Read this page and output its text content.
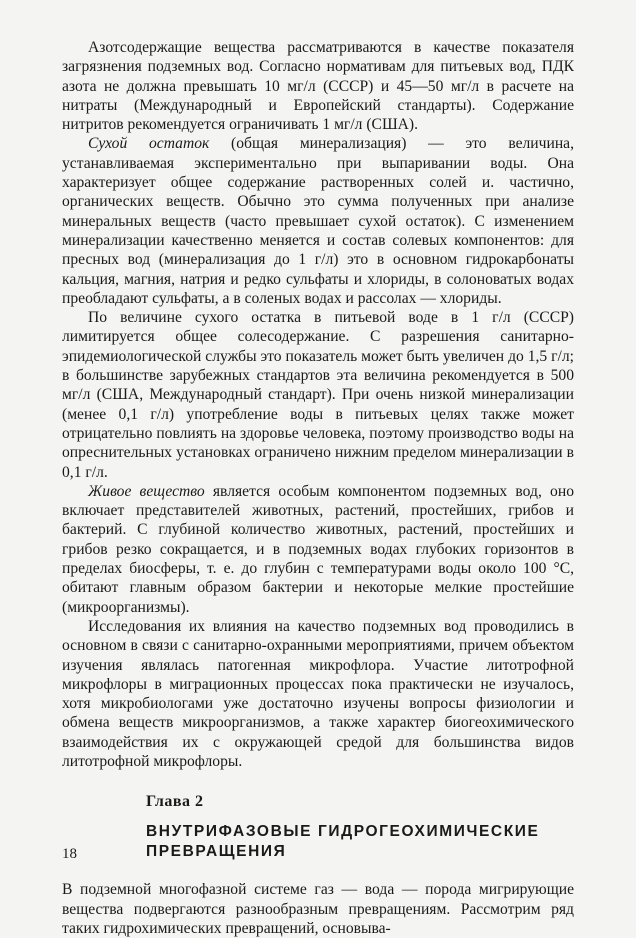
Азотсодержащие вещества рассматриваются в качестве показателя загрязнения подземных вод. Согласно нормативам для питьевых вод, ПДК азота не должна превышать 10 мг/л (СССР) и 45—50 мг/л в расчете на нитраты (Международный и Европейский стандарты). Содержание нитритов рекомендуется ограничивать 1 мг/л (США).

Сухой остаток (общая минерализация) — это величина, устанавливаемая экспериментально при выпаривании воды. Она характеризует общее содержание растворенных солей и. частично, органических веществ. Обычно это сумма полученных при анализе минеральных веществ (часто превышает сухой остаток). С изменением минерализации качественно меняется и состав солевых компонентов: для пресных вод (минерализация до 1 г/л) это в основном гидрокарбонаты кальция, магния, натрия и редко сульфаты и хлориды, в солоноватых водах преобладают сульфаты, а в соленых водах и рассолах — хлориды.

По величине сухого остатка в питьевой воде в 1 г/л (СССР) лимитируется общее солесодержание. С разрешения санитарно-эпидемиологической службы это показатель может быть увеличен до 1,5 г/л; в большинстве зарубежных стандартов эта величина рекомендуется в 500 мг/л (США, Международный стандарт). При очень низкой минерализации (менее 0,1 г/л) употребление воды в питьевых целях также может отрицательно повлиять на здоровье человека, поэтому производство воды на опреснительных установках ограничено нижним пределом минерализации в 0,1 г/л.

Живое вещество является особым компонентом подземных вод, оно включает представителей животных, растений, простейших, грибов и бактерий. С глубиной количество животных, растений, простейших и грибов резко сокращается, и в подземных водах глубоких горизонтов в пределах биосферы, т. е. до глубин с температурами воды около 100 °С, обитают главным образом бактерии и некоторые мелкие простейшие (микроорганизмы).

Исследования их влияния на качество подземных вод проводились в основном в связи с санитарно-охранными мероприятиями, причем объектом изучения являлась патогенная микрофлора. Участие литотрофной микрофлоры в миграционных процессах пока практически не изучалось, хотя микробиологами уже достаточно изучены вопросы физиологии и обмена веществ микроорганизмов, а также характер биогеохимического взаимодействия их с окружающей средой для большинства видов литотрофной микрофлоры.

Глава 2
ВНУТРИФАЗОВЫЕ ГИДРОГЕОХИМИЧЕСКИЕ
ПРЕВРАЩЕНИЯ

В подземной многофазной системе газ — вода — порода мигрирующие вещества подвергаются разнообразным превращениям. Рассмотрим ряд таких гидрохимических превращений, основыва-

18
